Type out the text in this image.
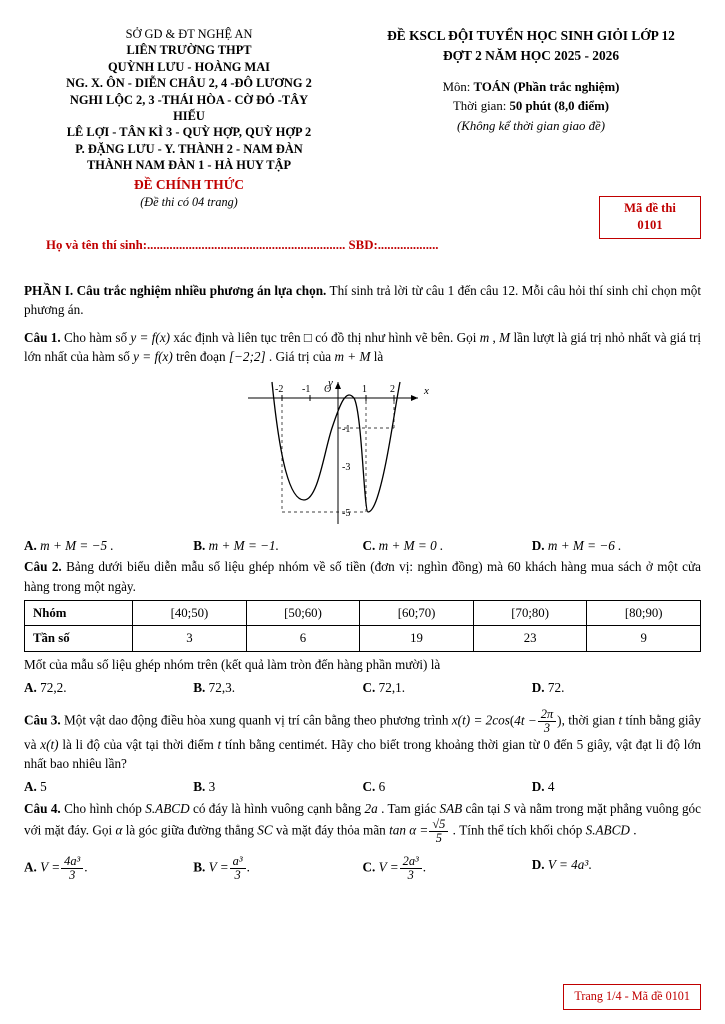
SỞ GD & ĐT NGHỆ AN
LIÊN TRƯỜNG THPT
QUỲNH LƯU - HOÀNG MAI
NG. X. ÔN - DIỄN CHÂU 2, 4 -ĐÔ LƯƠNG 2
NGHI LỘC 2, 3 -THÁI HÒA - CỜ ĐỎ -TÂY
HIẾU
LÊ LỢI - TÂN KÌ 3 - QUỲ HỢP, QUỲ HỢP 2
P. ĐẶNG LƯU - Y. THÀNH 2 - NAM ĐÀN
THÀNH NAM ĐÀN 1 - HÀ HUY TẬP
ĐỀ CHÍNH THỨC
(Đề thi có 04 trang)
ĐỀ KSCL ĐỘI TUYỂN HỌC SINH GIỎI LỚP 12
ĐỢT 2 NĂM HỌC 2025 - 2026
Môn: TOÁN (Phần trắc nghiệm)
Thời gian: 50 phút (8,0 điểm)
(Không kể thời gian giao đề)
Mã đề thi
0101
Họ và tên thí sinh:.............................................................. SBD:...................
PHẦN I. Câu trắc nghiệm nhiều phương án lựa chọn. Thí sinh trả lời từ câu 1 đến câu 12. Mỗi câu hỏi thí sinh chỉ chọn một phương án.
Câu 1. Cho hàm số y = f(x) xác định và liên tục trên □ có đồ thị như hình vẽ bên. Gọi m , M lần lượt là giá trị nhỏ nhất và giá trị lớn nhất của hàm số y = f(x) trên đoạn [−2;2] . Giá trị của m + M là
-2 -1 O	1 2	x
y
-1
-3
-5
A. m + M = −5 .	B. m + M = −1.	C. m + M = 0 .	D. m + M = −6 .
Câu 2. Bảng dưới biểu diễn mẫu số liệu ghép nhóm về số tiền (đơn vị: nghìn đồng) mà 60 khách hàng mua sách ở một cửa hàng trong một ngày.
Nhóm	[40;50)	[50;60)	[60;70)	[70;80)	[80;90)
Tần số	3	6	19	23	9
Mốt của mẫu số liệu ghép nhóm trên (kết quả làm tròn đến hàng phần mười) là
A. 72,2.	B. 72,3.	C. 72,1.	D. 72.
Câu 3. Một vật dao động điều hòa xung quanh vị trí cân bằng theo phương trình $x(t) = 2\cos(4t - \frac{2\pi}{3}$ ), thời gian t tính bằng giây và x(t) là li độ của vật tại thời điểm t tính bằng centimét. Hãy cho biết trong khoảng thời gian từ 0 đến 5 giây, vật đạt li độ lớn nhất bao nhiêu lần?
A. 5	B. 3	C. 6	D. 4
Câu 4. Cho hình chóp S.ABCD có đáy là hình vuông cạnh bằng 2a . Tam giác SAB cân tại S và nằm trong mặt phẳng vuông góc với mặt đáy. Gọi α là góc giữa đường thẳng SC và mặt đáy thỏa mãn $\tan \alpha = \frac{√5}{5}$ . Tính thể tích khối chóp S.ABCD .
A. $V = \frac{\text{4a³}}{3}$ .	B. $V = \frac{\text{a³}}{3}$ .	C. $V = \frac{\text{2a³}}{3}$ .	D. V = 4a³.
Trang 1/4 - Mã đề 0101
